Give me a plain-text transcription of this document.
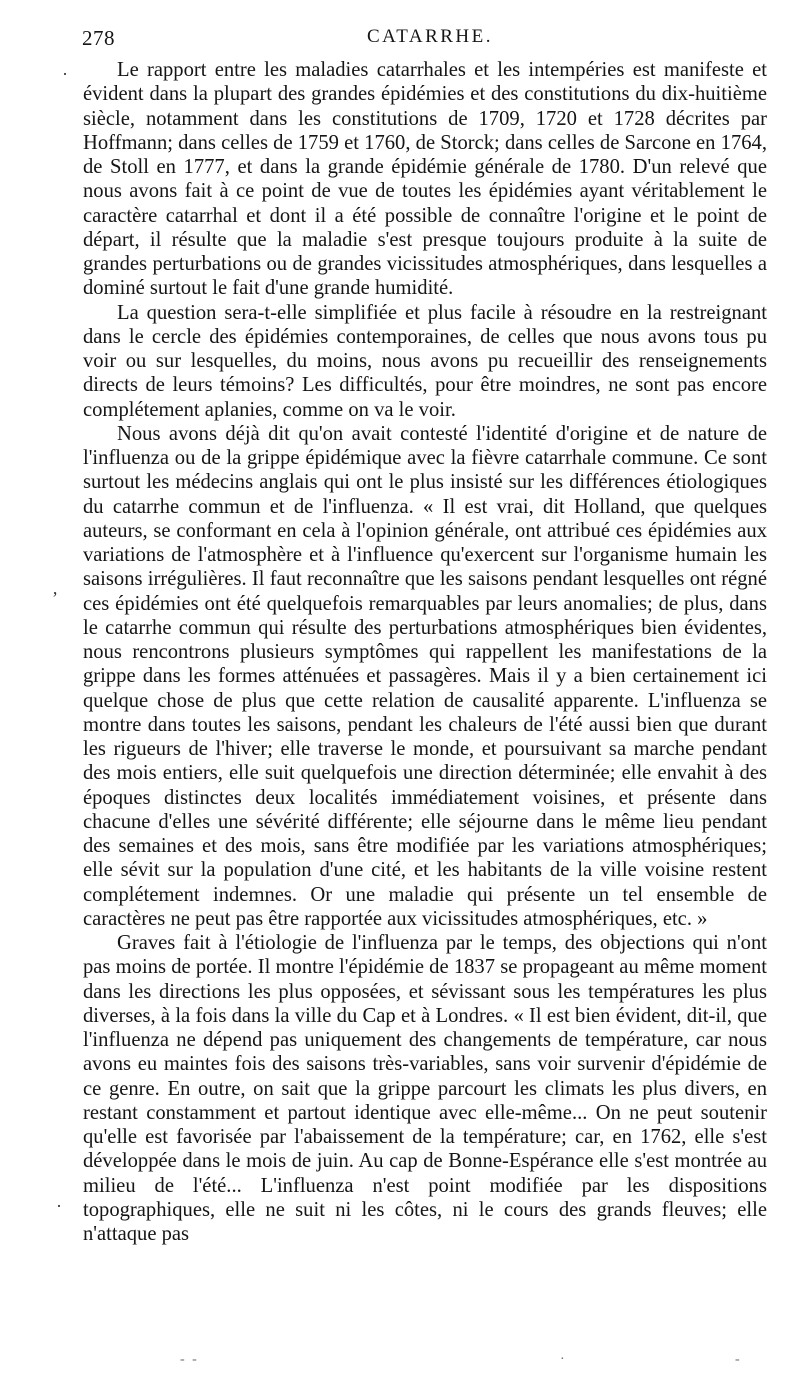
278	CATARRHE.
·
‚
·

Le rapport entre les maladies catarrhales et les intempéries est manifeste et évident dans la plupart des grandes épidémies et des constitutions du dix-huitième siècle, notamment dans les constitutions de 1709, 1720 et 1728 décrites par Hoffmann; dans celles de 1759 et 1760, de Storck; dans celles de Sarcone en 1764, de Stoll en 1777, et dans la grande épidémie générale de 1780. D'un relevé que nous avons fait à ce point de vue de toutes les épidémies ayant véritablement le caractère catarrhal et dont il a été possible de connaître l'origine et le point de départ, il résulte que la maladie s'est presque toujours produite à la suite de grandes perturbations ou de grandes vicissitudes atmosphériques, dans lesquelles a dominé surtout le fait d'une grande humidité.

La question sera-t-elle simplifiée et plus facile à résoudre en la restreignant dans le cercle des épidémies contemporaines, de celles que nous avons tous pu voir ou sur lesquelles, du moins, nous avons pu recueillir des renseignements directs de leurs témoins? Les difficultés, pour être moindres, ne sont pas encore complétement aplanies, comme on va le voir.

Nous avons déjà dit qu'on avait contesté l'identité d'origine et de nature de l'influenza ou de la grippe épidémique avec la fièvre catarrhale commune. Ce sont surtout les médecins anglais qui ont le plus insisté sur les différences étiologiques du catarrhe commun et de l'influenza. « Il est vrai, dit Holland, que quelques auteurs, se conformant en cela à l'opinion générale, ont attribué ces épidémies aux variations de l'atmosphère et à l'influence qu'exercent sur l'organisme humain les saisons irrégulières. Il faut reconnaître que les saisons pendant lesquelles ont régné ces épidémies ont été quelquefois remarquables par leurs anomalies; de plus, dans le catarrhe commun qui résulte des perturbations atmosphériques bien évidentes, nous rencontrons plusieurs symptômes qui rappellent les manifestations de la grippe dans les formes atténuées et passagères. Mais il y a bien certainement ici quelque chose de plus que cette relation de causalité apparente. L'influenza se montre dans toutes les saisons, pendant les chaleurs de l'été aussi bien que durant les rigueurs de l'hiver; elle traverse le monde, et poursuivant sa marche pendant des mois entiers, elle suit quelquefois une direction déterminée; elle envahit à des époques distinctes deux localités immédiatement voisines, et présente dans chacune d'elles une sévérité différente; elle séjourne dans le même lieu pendant des semaines et des mois, sans être modifiée par les variations atmosphériques; elle sévit sur la population d'une cité, et les habitants de la ville voisine restent complétement indemnes. Or une maladie qui présente un tel ensemble de caractères ne peut pas être rapportée aux vicissitudes atmosphériques, etc. »

Graves fait à l'étiologie de l'influenza par le temps, des objections qui n'ont pas moins de portée. Il montre l'épidémie de 1837 se propageant au même moment dans les directions les plus opposées, et sévissant sous les températures les plus diverses, à la fois dans la ville du Cap et à Londres. « Il est bien évident, dit-il, que l'influenza ne dépend pas uniquement des changements de température, car nous avons eu maintes fois des saisons très-variables, sans voir survenir d'épidémie de ce genre. En outre, on sait que la grippe parcourt les climats les plus divers, en restant constamment et partout identique avec elle-même... On ne peut soutenir qu'elle est favorisée par l'abaissement de la température; car, en 1762, elle s'est développée dans le mois de juin. Au cap de Bonne-Espérance elle s'est montrée au milieu de l'été... L'influenza n'est point modifiée par les dispositions topographiques, elle ne suit ni les côtes, ni le cours des grands fleuves; elle n'attaque pas

- -	·	-
